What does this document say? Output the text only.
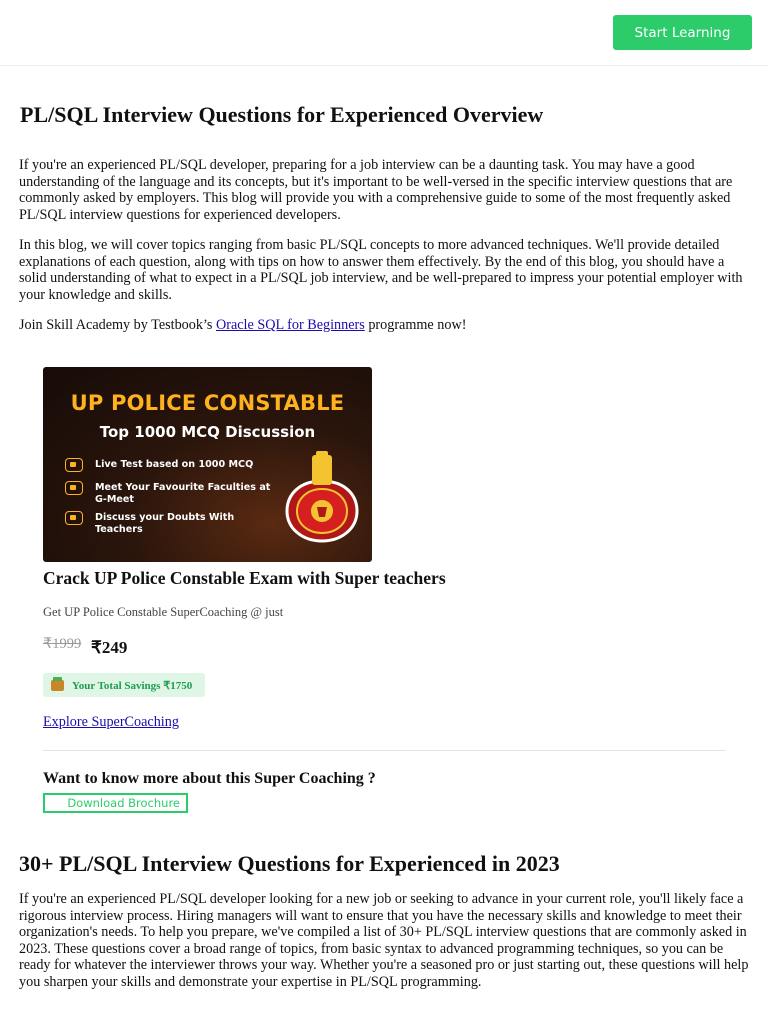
Start Learning
PL/SQL Interview Questions for Experienced Overview

If you're an experienced PL/SQL developer, preparing for a job interview can be a daunting task. You may have a good understanding of the language and its concepts, but it's important to be well-versed in the specific interview questions that are commonly asked by employers. This blog will provide you with a comprehensive guide to some of the most frequently asked PL/SQL interview questions for experienced developers.

In this blog, we will cover topics ranging from basic PL/SQL concepts to more advanced techniques. We'll provide detailed explanations of each question, along with tips on how to answer them effectively. By the end of this blog, you should have a solid understanding of what to expect in a PL/SQL job interview, and be well-prepared to impress your potential employer with your knowledge and skills.

Join Skill Academy by Testbook’s Oracle SQL for Beginners programme now!

UP POLICE CONSTABLE
Top 1000 MCQ Discussion
Live Test based on 1000 MCQ
Meet Your Favourite Faculties at G-Meet
Discuss your Doubts With Teachers
Crack UP Police Constable Exam with Super teachers
Get UP Police Constable SuperCoaching @ just
₹1999 ₹249
Your Total Savings ₹1750
Explore SuperCoaching
Want to know more about this Super Coaching ?
Download Brochure
30+ PL/SQL Interview Questions for Experienced in 2023

If you're an experienced PL/SQL developer looking for a new job or seeking to advance in your current role, you'll likely face a rigorous interview process. Hiring managers will want to ensure that you have the necessary skills and knowledge to meet their organization's needs. To help you prepare, we've compiled a list of 30+ PL/SQL interview questions that are commonly asked in 2023. These questions cover a broad range of topics, from basic syntax to advanced programming techniques, so you can be ready for whatever the interviewer throws your way. Whether you're a seasoned pro or just starting out, these questions will help you sharpen your skills and demonstrate your expertise in PL/SQL programming.
